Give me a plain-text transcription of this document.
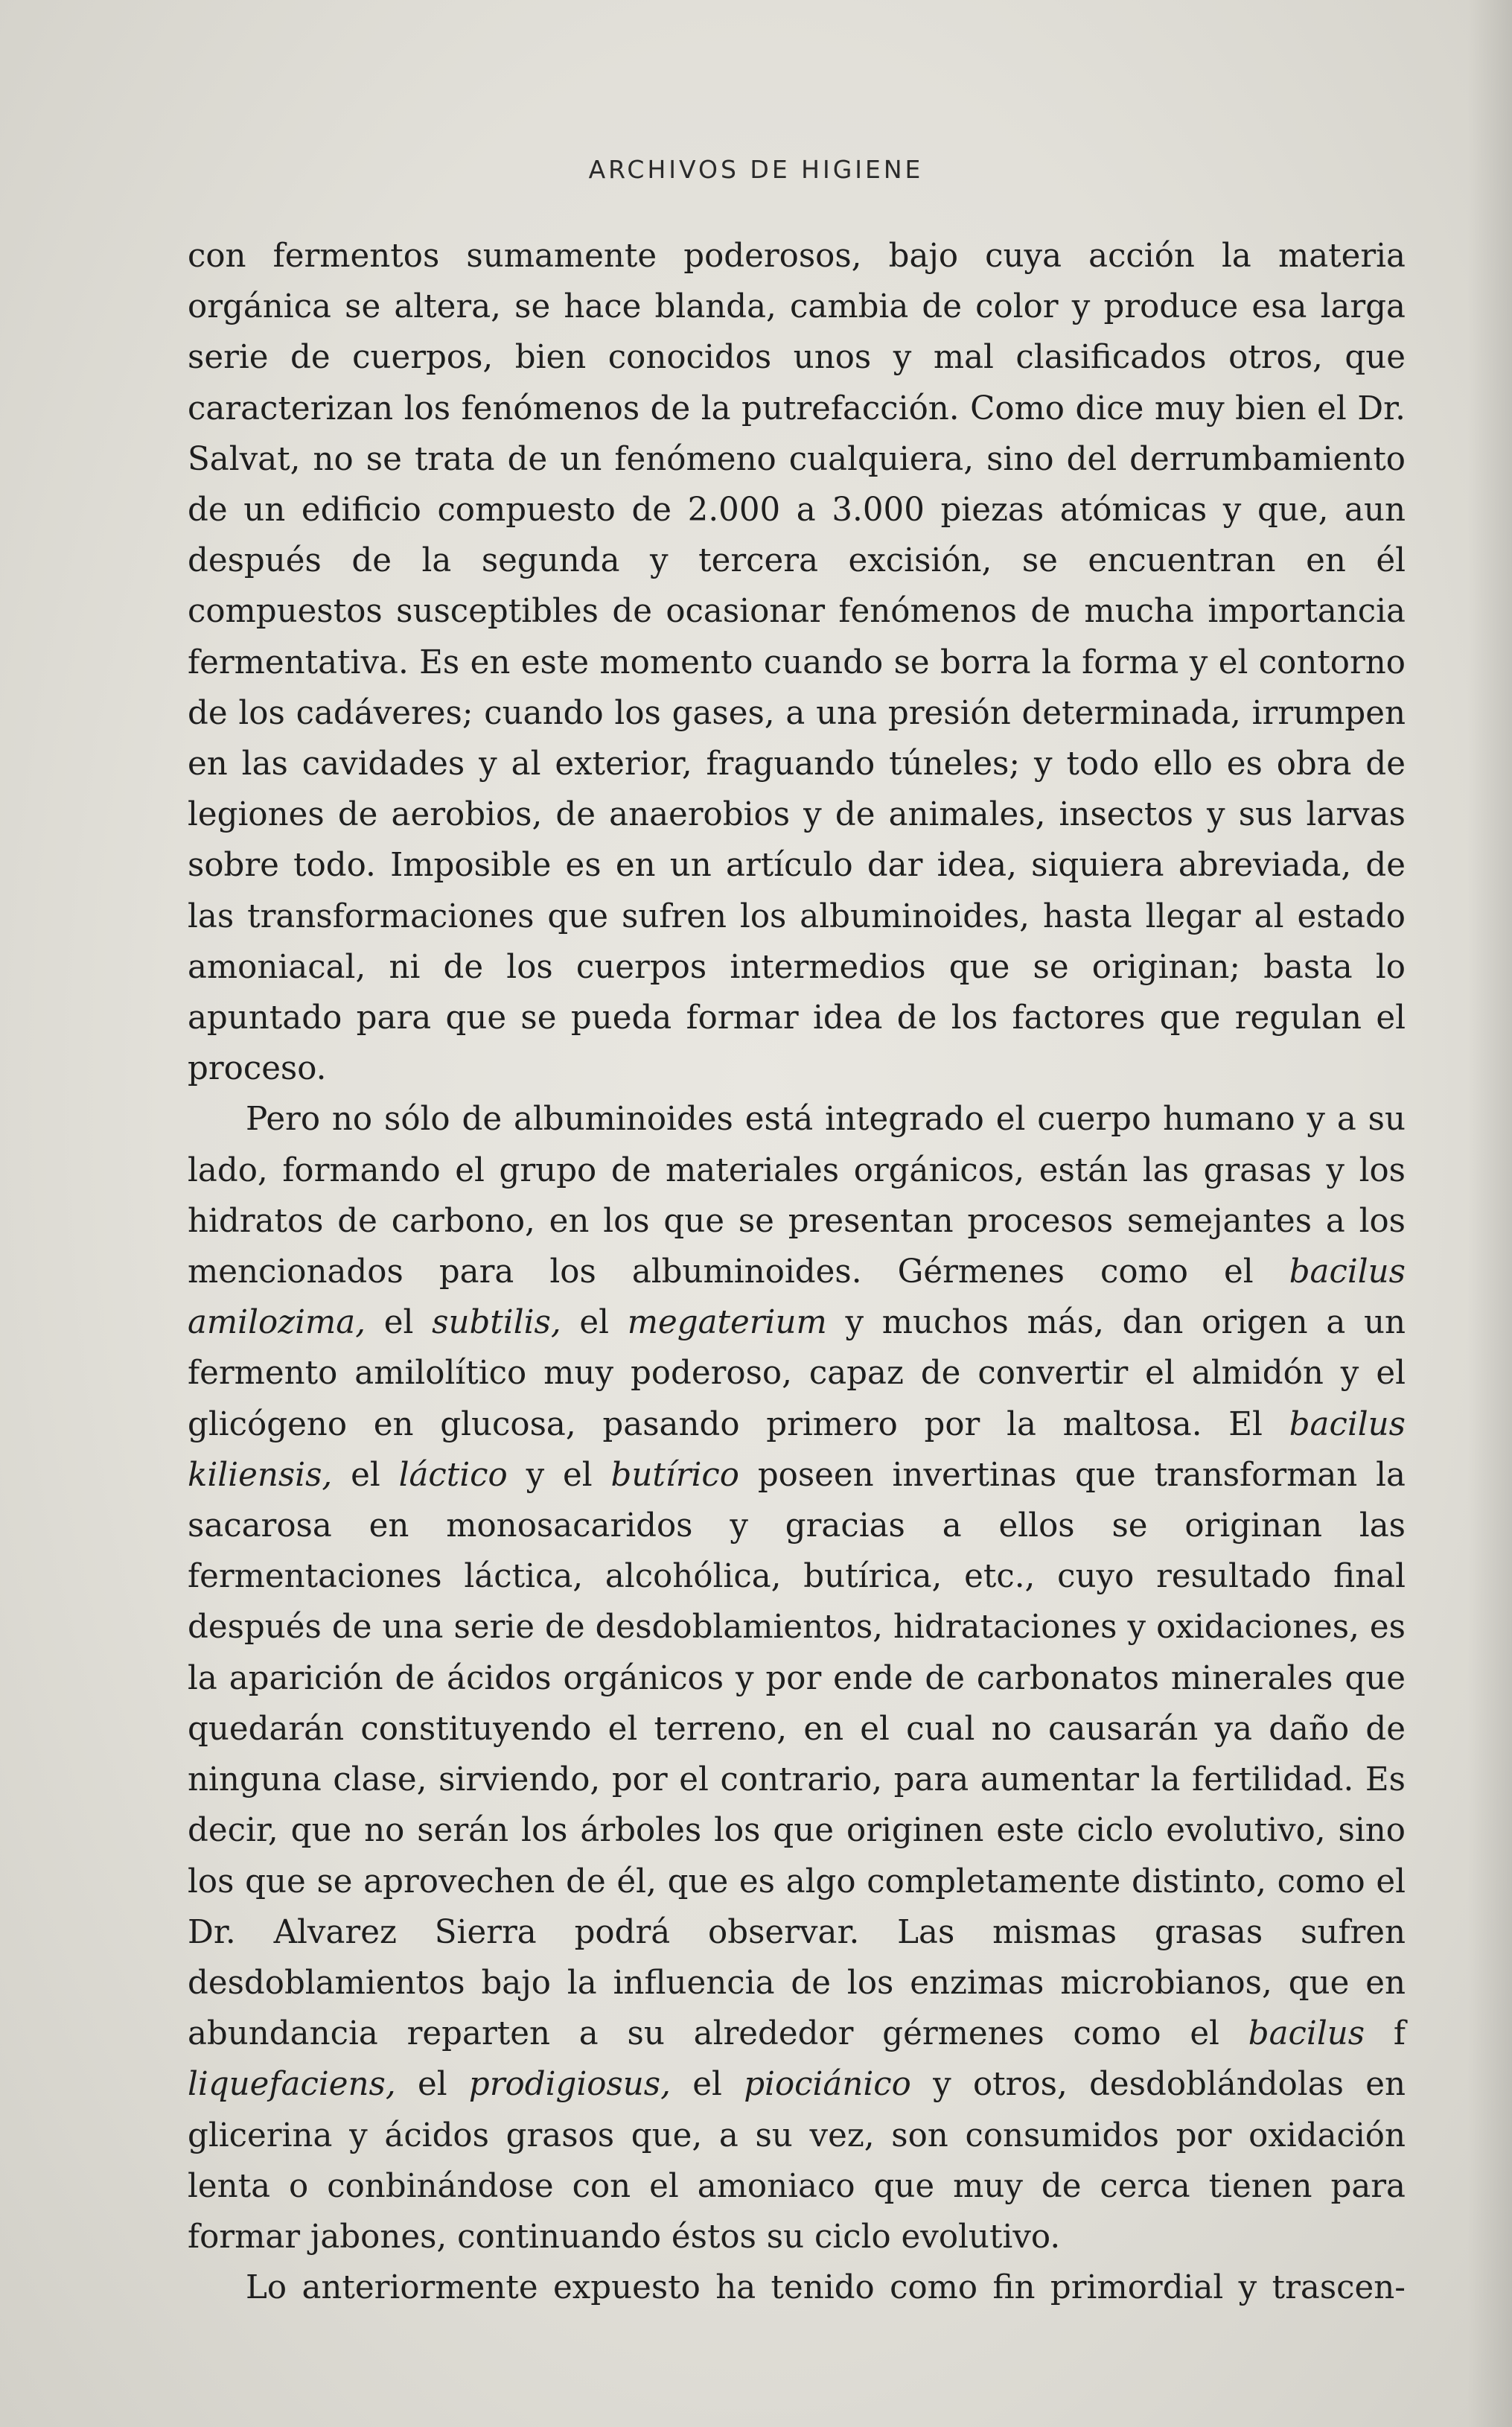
ARCHIVOS DE HIGIENE

con fermentos sumamente poderosos, bajo cuya acción la materia orgánica se altera, se hace blanda, cambia de color y produce esa larga serie de cuerpos, bien conocidos unos y mal clasificados otros, que caracterizan los fenómenos de la putrefacción. Como dice muy bien el Dr. Salvat, no se trata de un fenómeno cualquiera, sino del derrumbamiento de un edificio compuesto de 2.000 a 3.000 piezas atómicas y que, aun después de la segunda y tercera excisión, se encuentran en él compuestos susceptibles de ocasionar fenómenos de mucha importancia fermentativa. Es en este momento cuando se borra la forma y el contorno de los cadáveres; cuando los gases, a una presión determinada, irrumpen en las cavidades y al exterior, fraguando túneles; y todo ello es obra de legiones de aerobios, de anaerobios y de animales, insectos y sus larvas sobre todo. Imposible es en un artículo dar idea, siquiera abreviada, de las transformaciones que sufren los albuminoides, hasta llegar al estado amoniacal, ni de los cuerpos intermedios que se originan; basta lo apuntado para que se pueda formar idea de los factores que regulan el proceso.

Pero no sólo de albuminoides está integrado el cuerpo humano y a su lado, formando el grupo de materiales orgánicos, están las grasas y los hidratos de carbono, en los que se presentan procesos semejantes a los mencionados para los albuminoides. Gérmenes como el bacilus amilozima, el subtilis, el megaterium y muchos más, dan origen a un fermento amilolítico muy poderoso, capaz de convertir el almidón y el glicógeno en glucosa, pasando primero por la maltosa. El bacilus kiliensis, el láctico y el butírico poseen invertinas que transforman la sacarosa en monosacaridos y gracias a ellos se originan las fermentaciones láctica, alcohólica, butírica, etc., cuyo resultado final después de una serie de desdoblamientos, hidrataciones y oxidaciones, es la aparición de ácidos orgánicos y por ende de carbonatos minerales que quedarán constituyendo el terreno, en el cual no causarán ya daño de ninguna clase, sirviendo, por el contrario, para aumentar la fertilidad. Es decir, que no serán los árboles los que originen este ciclo evolutivo, sino los que se aprovechen de él, que es algo completamente distinto, como el Dr. Alvarez Sierra podrá observar. Las mismas grasas sufren desdoblamientos bajo la influencia de los enzimas microbianos, que en abundancia reparten a su alrededor gérmenes como el bacilus f liquefaciens, el prodigiosus, el piociánico y otros, desdoblándolas en glicerina y ácidos grasos que, a su vez, son consumidos por oxidación lenta o conbinándose con el amoniaco que muy de cerca tienen para formar jabones, continuando éstos su ciclo evolutivo.

Lo anteriormente expuesto ha tenido como fin primordial y trascen-
